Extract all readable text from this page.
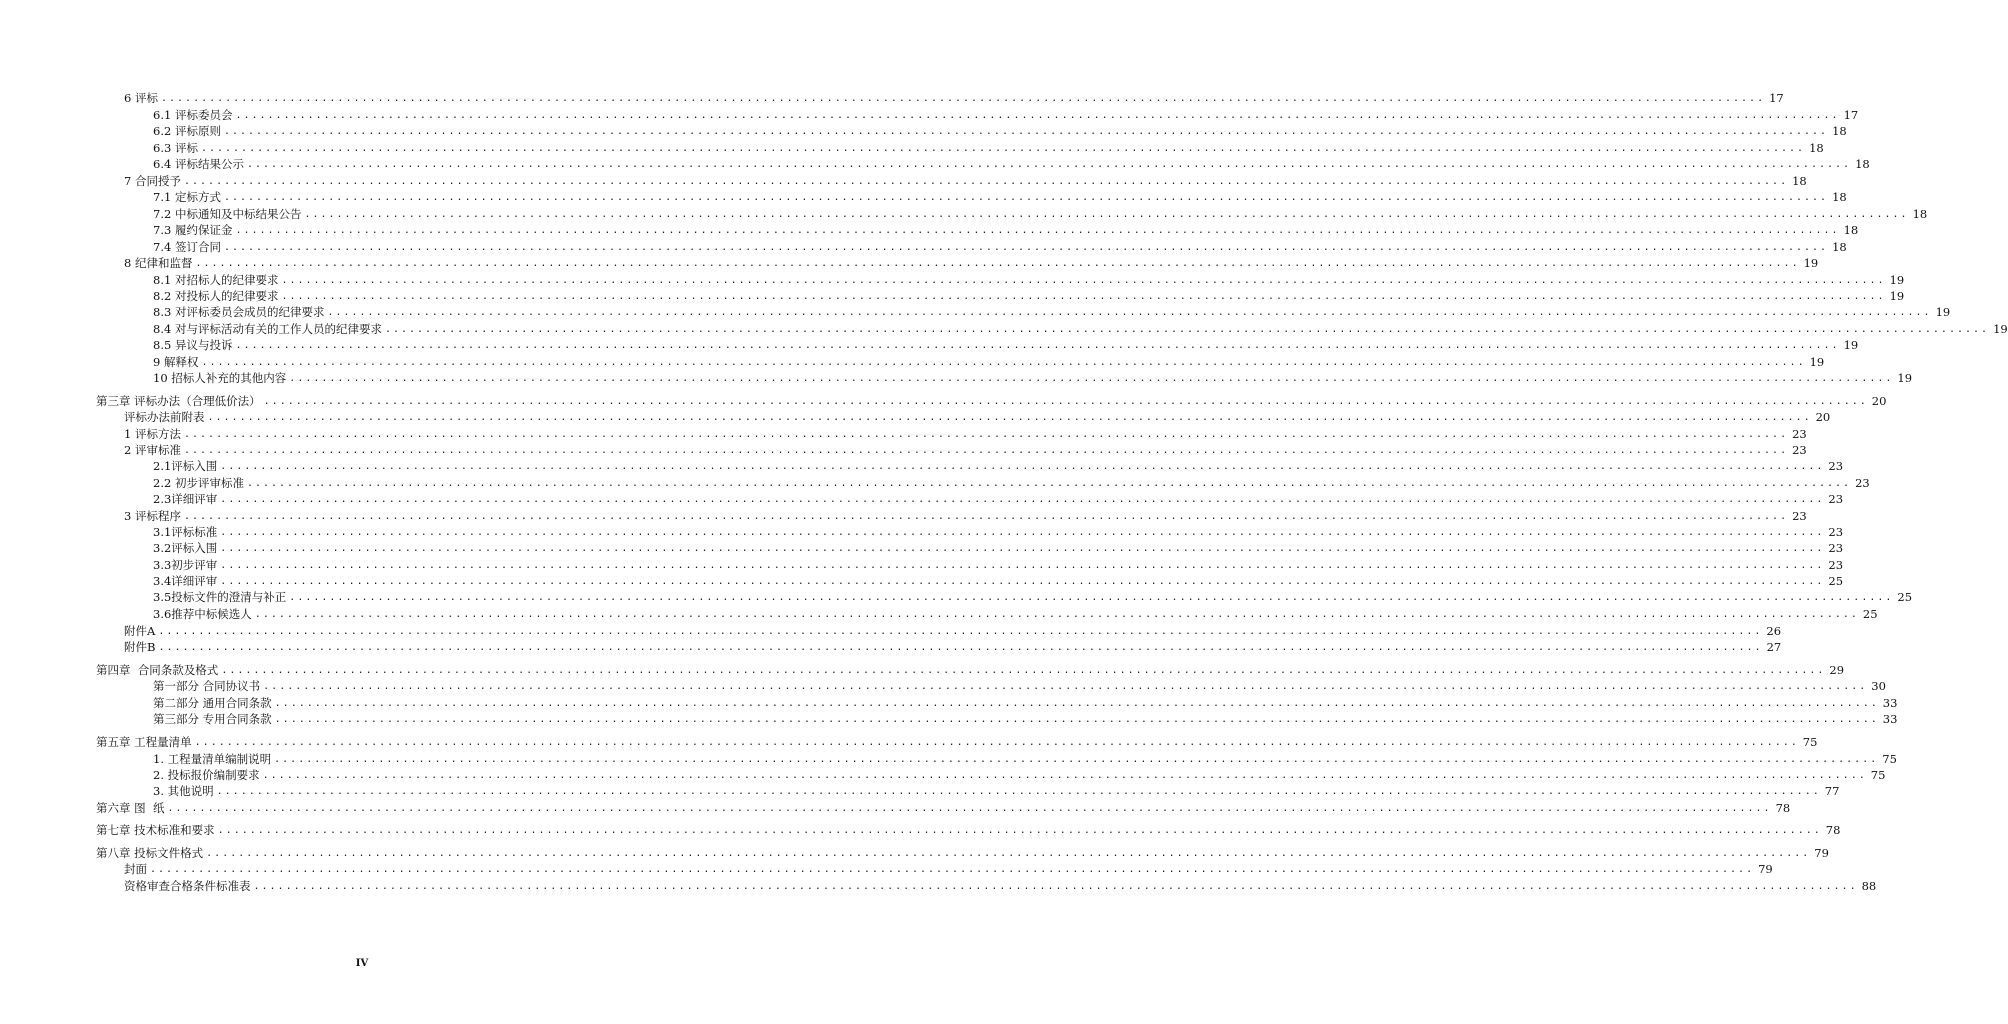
6 评标 ........................................................................................................................................................................................................ 17
6.1 评标委员会 ........................................................................................................................................................................................................ 17
6.2 评标原则 ........................................................................................................................................................................................................ 18
6.3 评标 ........................................................................................................................................................................................................ 18
6.4 评标结果公示 ........................................................................................................................................................................................................ 18
7 合同授予 ........................................................................................................................................................................................................ 18
7.1 定标方式 ........................................................................................................................................................................................................ 18
7.2 中标通知及中标结果公告 ........................................................................................................................................................................................................ 18
7.3 履约保证金 ........................................................................................................................................................................................................ 18
7.4 签订合同 ........................................................................................................................................................................................................ 18
8 纪律和监督 ........................................................................................................................................................................................................ 19
8.1 对招标人的纪律要求 ........................................................................................................................................................................................................ 19
8.2 对投标人的纪律要求 ........................................................................................................................................................................................................ 19
8.3 对评标委员会成员的纪律要求 ........................................................................................................................................................................................................ 19
8.4 对与评标活动有关的工作人员的纪律要求 ........................................................................................................................................................................................................ 19
8.5 异议与投诉 ........................................................................................................................................................................................................ 19
9 解释权 ........................................................................................................................................................................................................ 19
10 招标人补充的其他内容 ........................................................................................................................................................................................................ 19
第三章 评标办法（合理低价法） ........................................................................................................................................................................................................ 20
评标办法前附表 ........................................................................................................................................................................................................ 20
1 评标方法 ........................................................................................................................................................................................................ 23
2 评审标准 ........................................................................................................................................................................................................ 23
2.1评标入围 ........................................................................................................................................................................................................ 23
2.2 初步评审标准 ........................................................................................................................................................................................................ 23
2.3详细评审 ........................................................................................................................................................................................................ 23
3 评标程序 ........................................................................................................................................................................................................ 23
3.1评标标准 ........................................................................................................................................................................................................ 23
3.2评标入围 ........................................................................................................................................................................................................ 23
3.3初步评审 ........................................................................................................................................................................................................ 23
3.4详细评审 ........................................................................................................................................................................................................ 25
3.5投标文件的澄清与补正 ........................................................................................................................................................................................................ 25
3.6推荐中标候选人 ........................................................................................................................................................................................................ 25
附件A ........................................................................................................................................................................................................ 26
附件B ........................................................................................................................................................................................................ 27
第四章  合同条款及格式 ........................................................................................................................................................................................................ 29
第一部分 合同协议书 ........................................................................................................................................................................................................ 30
第二部分 通用合同条款 ........................................................................................................................................................................................................ 33
第三部分 专用合同条款 ........................................................................................................................................................................................................ 33
第五章 工程量清单 ........................................................................................................................................................................................................ 75
1. 工程量清单编制说明 ........................................................................................................................................................................................................ 75
2. 投标报价编制要求 ........................................................................................................................................................................................................ 75
3. 其他说明 ........................................................................................................................................................................................................ 77
第六章 图  纸 ........................................................................................................................................................................................................ 78
第七章 技术标准和要求 ........................................................................................................................................................................................................ 78
第八章 投标文件格式 ........................................................................................................................................................................................................ 79
封面 ........................................................................................................................................................................................................ 79
资格审查合格条件标准表 ........................................................................................................................................................................................................ 88
IV
